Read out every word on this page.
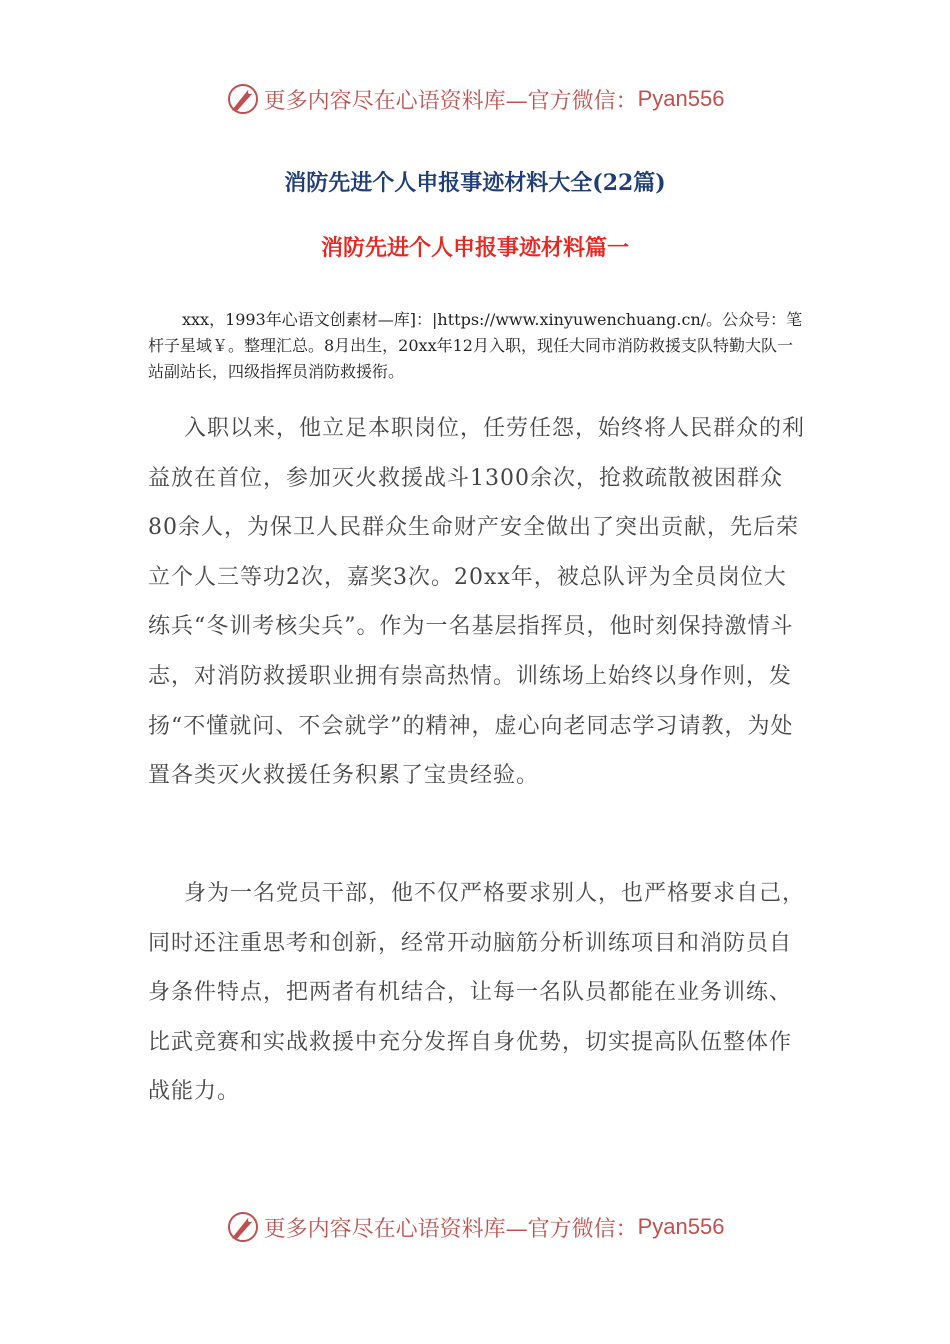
更多内容尽在心语资料库—官方微信： Pyan556
消防先进个人申报事迹材料大全(22篇)
消防先进个人申报事迹材料篇一
xxx，1993年心语文创素材—库]：|https://www.xinyuwenchuang.cn/。公众号：笔杆子星域￥。整理汇总。8月出生，20xx年12月入职，现任大同市消防救援支队特勤大队一站副站长，四级指挥员消防救援衔。
入职以来，他立足本职岗位，任劳任怨，始终将人民群众的利益放在首位，参加灭火救援战斗1300余次，抢救疏散被困群众80余人，为保卫人民群众生命财产安全做出了突出贡献，先后荣立个人三等功2次，嘉奖3次。20xx年，被总队评为全员岗位大练兵“冬训考核尖兵”。作为一名基层指挥员，他时刻保持激情斗志，对消防救援职业拥有崇高热情。训练场上始终以身作则，发扬“不懂就问、不会就学”的精神，虚心向老同志学习请教，为处置各类灭火救援任务积累了宝贵经验。
身为一名党员干部，他不仅严格要求别人，也严格要求自己，同时还注重思考和创新，经常开动脑筋分析训练项目和消防员自身条件特点，把两者有机结合，让每一名队员都能在业务训练、比武竞赛和实战救援中充分发挥自身优势，切实提高队伍整体作战能力。
更多内容尽在心语资料库—官方微信： Pyan556
